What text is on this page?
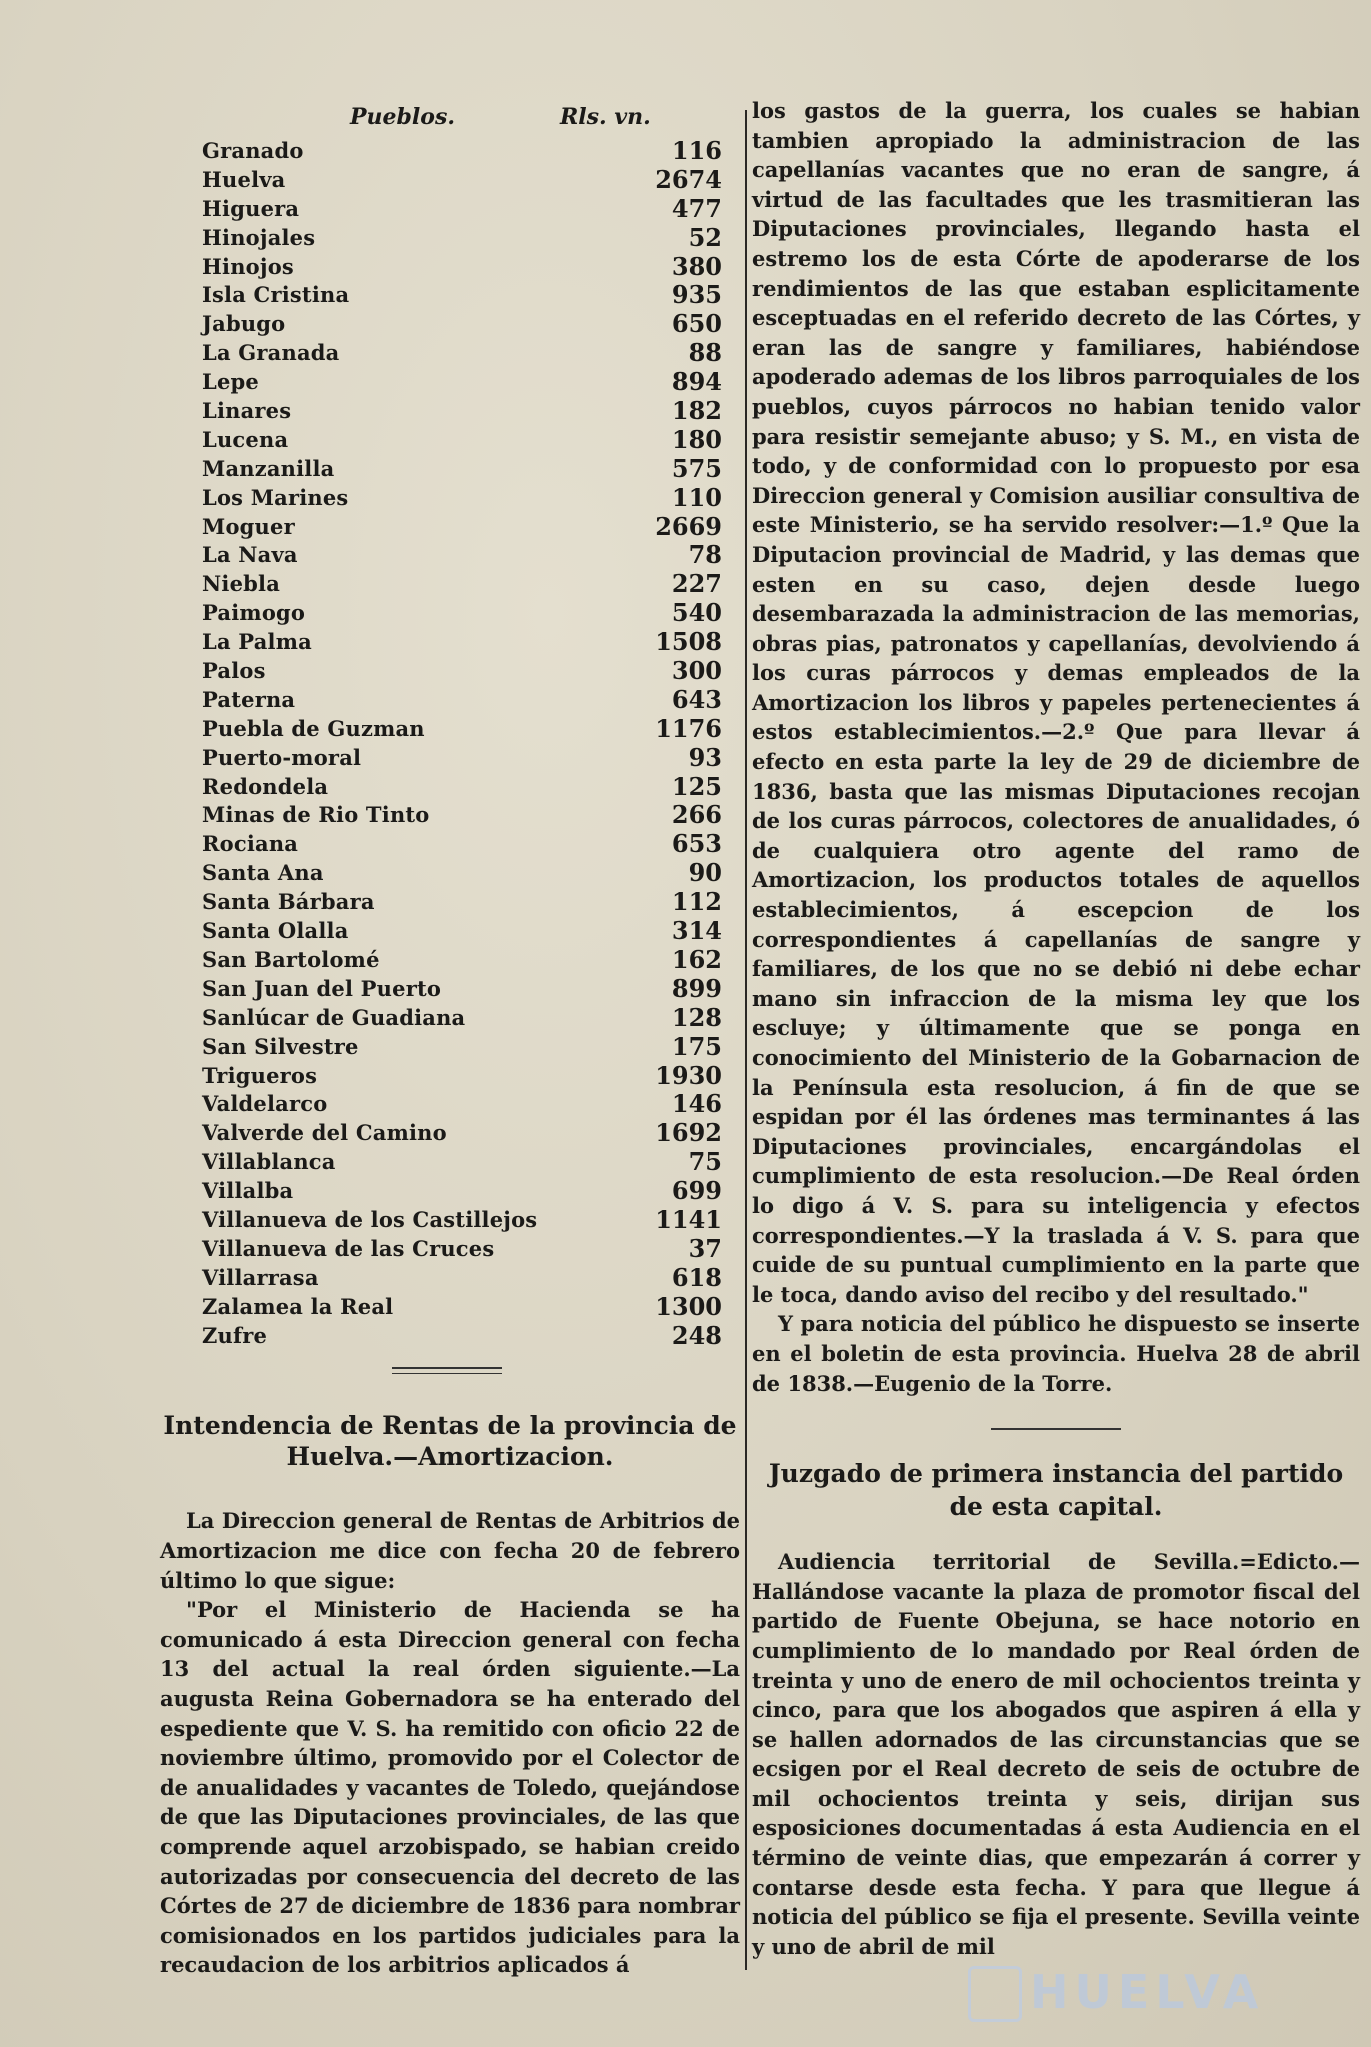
Pueblos.	Rls. vn.
Granado	116
Huelva	2674
Higuera	477
Hinojales	52
Hinojos	380
Isla Cristina	935
Jabugo	650
La Granada	88
Lepe	894
Linares	182
Lucena	180
Manzanilla	575
Los Marines	110
Moguer	2669
La Nava	78
Niebla	227
Paimogo	540
La Palma	1508
Palos	300
Paterna	643
Puebla de Guzman	1176
Puerto-moral	93
Redondela	125
Minas de Rio Tinto	266
Rociana	653
Santa Ana	90
Santa Bárbara	112
Santa Olalla	314
San Bartolomé	162
San Juan del Puerto	899
Sanlúcar de Guadiana	128
San Silvestre	175
Trigueros	1930
Valdelarco	146
Valverde del Camino	1692
Villablanca	75
Villalba	699
Villanueva de los Castillejos	1141
Villanueva de las Cruces	37
Villarrasa	618
Zalamea la Real	1300
Zufre	248
Intendencia de Rentas de la provincia de Huelva.—Amortizacion.

La Direccion general de Rentas de Arbitrios de Amortizacion me dice con fecha 20 de febrero último lo que sigue:

"Por el Ministerio de Hacienda se ha comunicado á esta Direccion general con fecha 13 del actual la real órden siguiente.—La augusta Reina Gobernadora se ha enterado del espediente que V. S. ha remitido con oficio 22 de noviembre último, promovido por el Colector de de anualidades y vacantes de Toledo, quejándose de que las Diputaciones provinciales, de las que comprende aquel arzobispado, se habian creido autorizadas por consecuencia del decreto de las Córtes de 27 de diciembre de 1836 para nombrar comisionados en los partidos judiciales para la recaudacion de los arbitrios aplicados á

los gastos de la guerra, los cuales se habian tambien apropiado la administracion de las capellanías vacantes que no eran de sangre, á virtud de las facultades que les trasmitieran las Diputaciones provinciales, llegando hasta el estremo los de esta Córte de apoderarse de los rendimientos de las que estaban esplicitamente esceptuadas en el referido decreto de las Córtes, y eran las de sangre y familiares, habiéndose apoderado ademas de los libros parroquiales de los pueblos, cuyos párrocos no habian tenido valor para resistir semejante abuso; y S. M., en vista de todo, y de conformidad con lo propuesto por esa Direccion general y Comision ausiliar consultiva de este Ministerio, se ha servido resolver:—1.º Que la Diputacion provincial de Madrid, y las demas que esten en su caso, dejen desde luego desembarazada la administracion de las memorias, obras pias, patronatos y capellanías, devolviendo á los curas párrocos y demas empleados de la Amortizacion los libros y papeles pertenecientes á estos establecimientos.—2.º Que para llevar á efecto en esta parte la ley de 29 de diciembre de 1836, basta que las mismas Diputaciones recojan de los curas párrocos, colectores de anualidades, ó de cualquiera otro agente del ramo de Amortizacion, los productos totales de aquellos establecimientos, á escepcion de los correspondientes á capellanías de sangre y familiares, de los que no se debió ni debe echar mano sin infraccion de la misma ley que los escluye; y últimamente que se ponga en conocimiento del Ministerio de la Gobarnacion de la Península esta resolucion, á fin de que se espidan por él las órdenes mas terminantes á las Diputaciones provinciales, encargándolas el cumplimiento de esta resolucion.—De Real órden lo digo á V. S. para su inteligencia y efectos correspondientes.—Y la traslada á V. S. para que cuide de su puntual cumplimiento en la parte que le toca, dando aviso del recibo y del resultado."

Y para noticia del público he dispuesto se inserte en el boletin de esta provincia. Huelva 28 de abril de 1838.—Eugenio de la Torre.

Juzgado de primera instancia del partido de esta capital.

Audiencia territorial de Sevilla.=Edicto.—Hallándose vacante la plaza de promotor fiscal del partido de Fuente Obejuna, se hace notorio en cumplimiento de lo mandado por Real órden de treinta y uno de enero de mil ochocientos treinta y cinco, para que los abogados que aspiren á ella y se hallen adornados de las circunstancias que se ecsigen por el Real decreto de seis de octubre de mil ochocientos treinta y seis, dirijan sus esposiciones documentadas á esta Audiencia en el término de veinte dias, que empezarán á correr y contarse desde esta fecha. Y para que llegue á noticia del público se fija el presente. Sevilla veinte y uno de abril de mil

HUELVA
